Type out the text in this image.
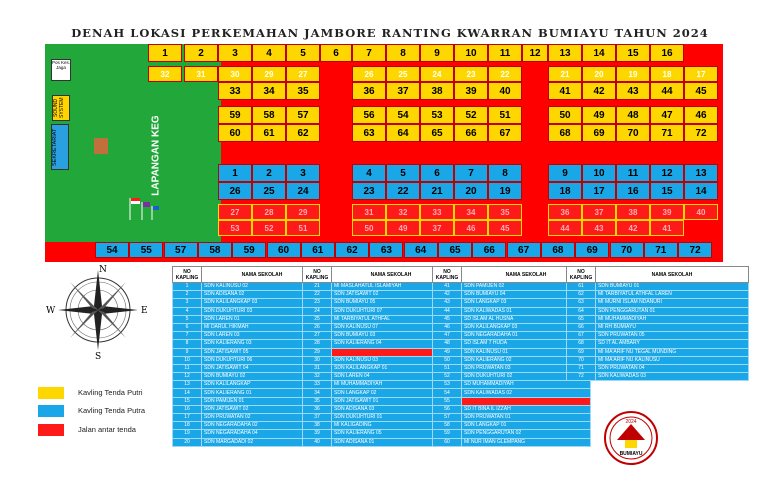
DENAH LOKASI PERKEMAHAN JAMBORE RANTING KWARRAN BUMIAYU TAHUN 2024
Pos Kes. Jaga
SOUND SYSTEM
SEKRETARIAT	LAPANGAN KEG
1	2	3	4	5	6	7	8	9	10	11	12	13	14	15	16
32	31	30	29	27	26	25	24	23	22	21	20	19	18	17
33	34	35	36	37	38	39	40	41	42	43	44	45
59	58	57	56	54	53	52	51	50	49	48	47	46
60	61	62	63	64	65	66	67	68	69	70	71	72
1	2	3	4	5	6	7	8	9	10	11	12	13
26	25	24	23	22	21	20	19	18	17	16	15	14
27	28	29	31	32	33	34	35	36	37	38	39	40
53	52	51	50	49	37	46	45	44	43	42	41
54	55	57	58	59	60	61	62	63	64	65	66	67	68	69	70	71	72
Kavling Tenda Putri
Kavling Tenda Putra
Jalan antar tenda
N
S
W	E
NO KAPLING	NAMA SEKOLAH
1	SDN KALINUSU 02
2	SDN ADISANA 02
3	SDN KALILANGKAP 03
4	SDN DUKUHTURI 03
5	SDN LAREN 01
6	MI DARUL HIKMAH
7	SDN LAREN 03
8	SDN KALIERANG 03
9	SDN JATISAWIT 05
10	SDN DUKUHTURI 06
11	SDN JATISAWIT 04
12	SDN BUMIAYU 02
13	SDN KALILANGKAP
14	SDN KALIERANG 01
15	SDN PAMIJEN 01
16	SDN JATISAWIT 02
17	SDN PRUWATAN 02
18	SDN NEGARADAHA 02
19	SDN NEGARADAHA 04
20	SDN MARGADADI 02
NO KAPLING	NAMA SEKOLAH
21	MI MASLAHATUL ISLAMIYAH
22	SDN JATISAWIT 02
23	SDN BUMIAYU 05
24	SDN DUKUHTURI 07
25	MI TARBIYATUL ATHFAL
26	SDN KALINUSU 07
27	SDN BUMIAYU 03
28	SDN KALIERANG 04
29	
30	SDN KALINUSU 03
31	SDN KALILANGKAP 01
32	SDN LAREN 04
33	MI MUHAMMADIYAH
34	SDN LANGKAP 02
35	SDN JATISAWIT 01
36	SDN ADISANA 03
37	SDN DUKUHTURI 01
38	MI KALIGADING
39	SDN KALIERANG 05
40	SDN ADISANA 01
NO KAPLING	NAMA SEKOLAH
41	SDN PAMIJEN 02
42	SDN BUMIAYU 04
43	SDN LANGKAP 03
44	SDN KALIWADAS 01
45	SD ISLAM AL HUSNA
46	SDN KALILANGKAP 03
47	SDN NEGARADAHA 01
48	SD ISLAM 7 HUDA
49	SDN KALINUSU 01
50	SDN KALIERANG 02
51	SDN PRUWATAN 03
52	SDN DUKUHTURI 02
53	SD MUHAMMADIYAH
54	SDN KALIWADAS 02
55	
56	SD IT BINA IL IZZAH
57	SDN PRUWATAN 01
58	SDN LANGKAP 01
59	SDN PENGGARUTAN 02
60	MI NUR IMAN GLEMPANG
NO KAPLING	NAMA SEKOLAH
61	SDN BUMIAYU 01
62	MI TARBIYATUL ATHFAL LAREN
63	MI MURNI ISLAM NDANURI
64	SDN PENGGARUTAN 01
65	MI MUHAMMADIYAH
66	MI RH BUMIAYU
67	SDN PRUWATAN 05
68	SD IT AL AMBARY
69	MI MA'ARIF NU TEGAL MUNDING
70	MI MA'ARIF NU KALINUSU
71	SDN PRUWATAN 04
72	SDN KALIWADAS 03
2024
BUMIAYU
